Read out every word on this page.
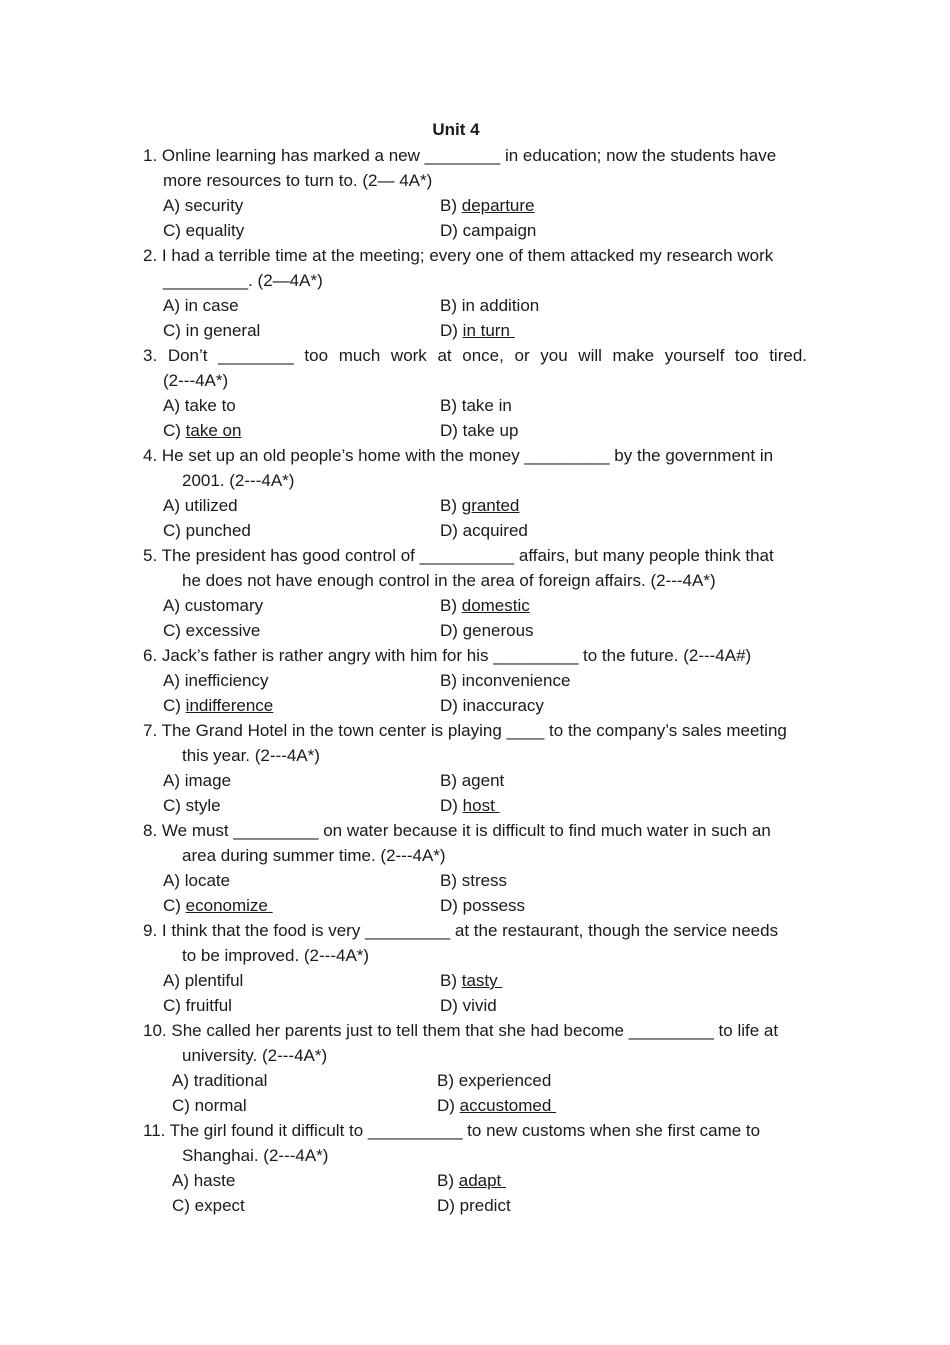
Unit 4
1. Online learning has marked a new ________ in education; now the students have
more resources to turn to. (2— 4A*)
A) security	B) departure
C) equality	D) campaign
2. I had a terrible time at the meeting; every one of them attacked my research work
_________. (2—4A*)
A) in case	B) in addition
C) in general	D) in turn
3. Don’t ________ too much work at once, or you will make yourself too tired.
(2---4A*)
A) take to	B) take in
C) take on	D) take up
4. He set up an old people’s home with the money _________ by the government in
2001. (2---4A*)
A) utilized	B) granted
C) punched	D) acquired
5. The president has good control of __________ affairs, but many people think that
he does not have enough control in the area of foreign affairs. (2---4A*)
A) customary	B) domestic
C) excessive	D) generous
6. Jack’s father is rather angry with him for his _________ to the future. (2---4A#)
A) inefficiency	B) inconvenience
C) indifference	D) inaccuracy
7. The Grand Hotel in the town center is playing ____ to the company’s sales meeting
this year. (2---4A*)
A) image	B) agent
C) style	D) host
8. We must _________ on water because it is difficult to find much water in such an
area during summer time. (2---4A*)
A) locate	B) stress
C) economize	D) possess
9. I think that the food is very _________ at the restaurant, though the service needs
to be improved. (2---4A*)
A) plentiful	B) tasty
C) fruitful	D) vivid
10. She called her parents just to tell them that she had become _________ to life at
university. (2---4A*)
A) traditional	B) experienced
C) normal	D) accustomed
11. The girl found it difficult to __________ to new customs when she first came to
Shanghai. (2---4A*)
A) haste	B) adapt
C) expect	D) predict
